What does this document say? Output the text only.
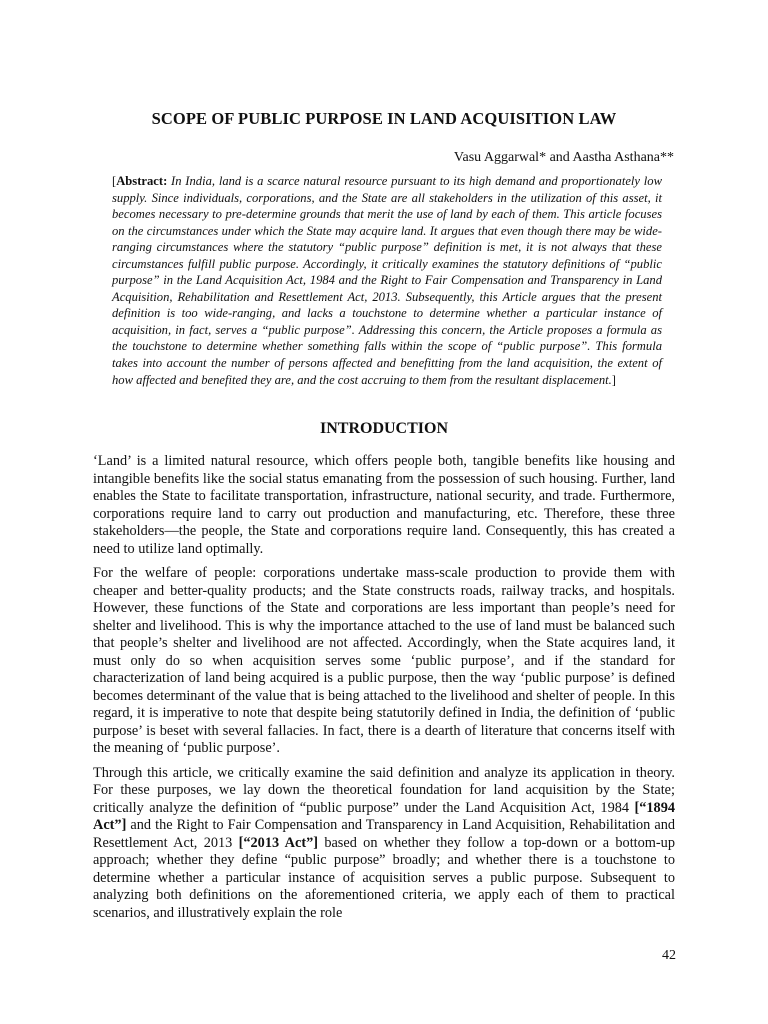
SCOPE OF PUBLIC PURPOSE IN LAND ACQUISITION LAW
Vasu Aggarwal* and Aastha Asthana**
[Abstract: In India, land is a scarce natural resource pursuant to its high demand and proportionately low supply. Since individuals, corporations, and the State are all stakeholders in the utilization of this asset, it becomes necessary to pre-determine grounds that merit the use of land by each of them. This article focuses on the circumstances under which the State may acquire land. It argues that even though there may be wide-ranging circumstances where the statutory “public purpose” definition is met, it is not always that these circumstances fulfill public purpose. Accordingly, it critically examines the statutory definitions of “public purpose” in the Land Acquisition Act, 1984 and the Right to Fair Compensation and Transparency in Land Acquisition, Rehabilitation and Resettlement Act, 2013. Subsequently, this Article argues that the present definition is too wide-ranging, and lacks a touchstone to determine whether a particular instance of acquisition, in fact, serves a “public purpose”. Addressing this concern, the Article proposes a formula as the touchstone to determine whether something falls within the scope of “public purpose”. This formula takes into account the number of persons affected and benefitting from the land acquisition, the extent of how affected and benefited they are, and the cost accruing to them from the resultant displacement.]
INTRODUCTION

‘Land’ is a limited natural resource, which offers people both, tangible benefits like housing and intangible benefits like the social status emanating from the possession of such housing. Further, land enables the State to facilitate transportation, infrastructure, national security, and trade. Furthermore, corporations require land to carry out production and manufacturing, etc. Therefore, these three stakeholders—the people, the State and corporations require land. Consequently, this has created a need to utilize land optimally.

For the welfare of people: corporations undertake mass-scale production to provide them with cheaper and better-quality products; and the State constructs roads, railway tracks, and hospitals. However, these functions of the State and corporations are less important than people’s need for shelter and livelihood. This is why the importance attached to the use of land must be balanced such that people’s shelter and livelihood are not affected. Accordingly, when the State acquires land, it must only do so when acquisition serves some ‘public purpose’, and if the standard for characterization of land being acquired is a public purpose, then the way ‘public purpose’ is defined becomes determinant of the value that is being attached to the livelihood and shelter of people. In this regard, it is imperative to note that despite being statutorily defined in India, the definition of ‘public purpose’ is beset with several fallacies. In fact, there is a dearth of literature that concerns itself with the meaning of ‘public purpose’.

Through this article, we critically examine the said definition and analyze its application in theory. For these purposes, we lay down the theoretical foundation for land acquisition by the State; critically analyze the definition of “public purpose” under the Land Acquisition Act, 1984 [“1894 Act”] and the Right to Fair Compensation and Transparency in Land Acquisition, Rehabilitation and Resettlement Act, 2013 [“2013 Act”] based on whether they follow a top-down or a bottom-up approach; whether they define “public purpose” broadly; and whether there is a touchstone to determine whether a particular instance of acquisition serves a public purpose. Subsequent to analyzing both definitions on the aforementioned criteria, we apply each of them to practical scenarios, and illustratively explain the role

42
